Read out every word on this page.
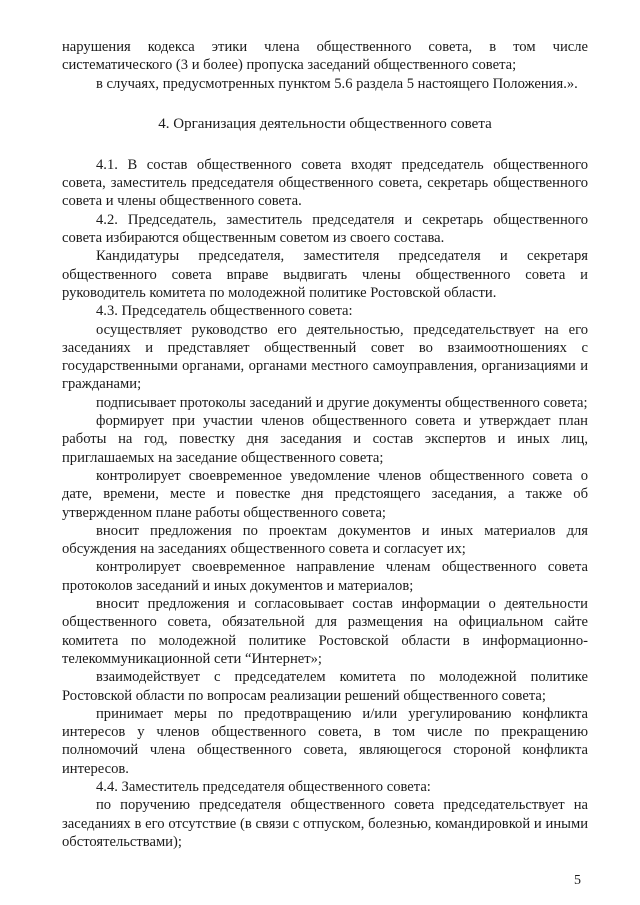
нарушения кодекса этики члена общественного совета, в том числе систематического (3 и более) пропуска заседаний общественного совета;

в случаях, предусмотренных пунктом 5.6 раздела 5 настоящего Положения.».

4. Организация деятельности общественного совета

4.1. В состав общественного совета входят председатель общественного совета, заместитель председателя общественного совета, секретарь общественного совета и члены общественного совета.

4.2. Председатель, заместитель председателя и секретарь общественного совета избираются общественным советом из своего состава.

Кандидатуры председателя, заместителя председателя и секретаря общественного совета вправе выдвигать члены общественного совета и руководитель комитета по молодежной политике Ростовской области.

4.3. Председатель общественного совета:

осуществляет руководство его деятельностью, председательствует на его заседаниях и представляет общественный совет во взаимоотношениях с государственными органами, органами местного самоуправления, организациями и гражданами;

подписывает протоколы заседаний и другие документы общественного совета;

формирует при участии членов общественного совета и утверждает план работы на год, повестку дня заседания и состав экспертов и иных лиц, приглашаемых на заседание общественного совета;

контролирует своевременное уведомление членов общественного совета о дате, времени, месте и повестке дня предстоящего заседания, а также об утвержденном плане работы общественного совета;

вносит предложения по проектам документов и иных материалов для обсуждения на заседаниях общественного совета и согласует их;

контролирует своевременное направление членам общественного совета протоколов заседаний и иных документов и материалов;

вносит предложения и согласовывает состав информации о деятельности общественного совета, обязательной для размещения на официальном сайте комитета по молодежной политике Ростовской области в информационно-телекоммуникационной сети “Интернет»;

взаимодействует с председателем комитета по молодежной политике Ростовской области по вопросам реализации решений общественного совета;

принимает меры по предотвращению и/или урегулированию конфликта интересов у членов общественного совета, в том числе по прекращению полномочий члена общественного совета, являющегося стороной конфликта интересов.

4.4. Заместитель председателя общественного совета:

по поручению председателя общественного совета председательствует на заседаниях в его отсутствие (в связи с отпуском, болезнью, командировкой и иными обстоятельствами);

5
